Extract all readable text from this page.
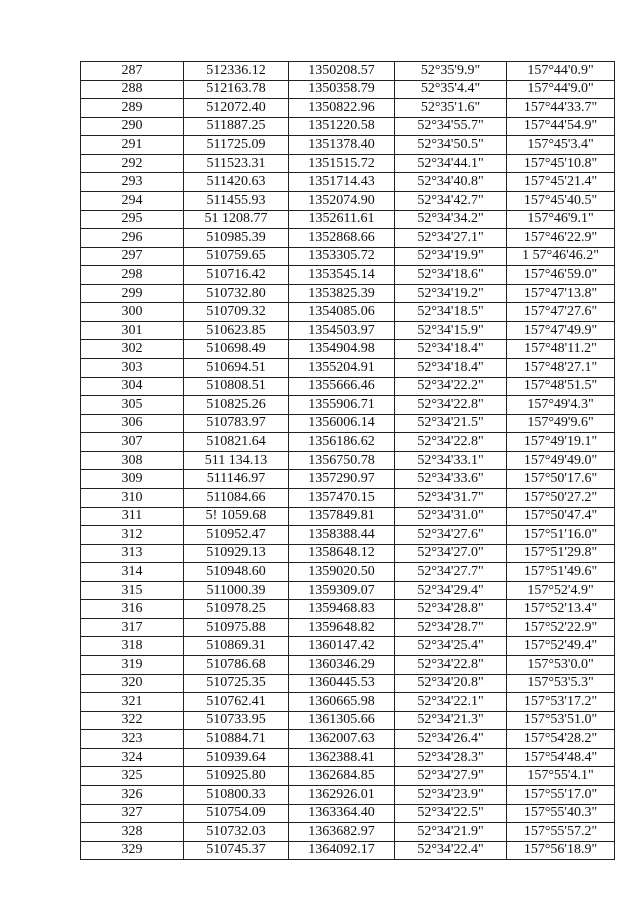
287	512336.12	1350208.57	52°35'9.9"	157°44'0.9"
288	512163.78	1350358.79	52°35'4.4"	157°44'9.0"
289	512072.40	1350822.96	52°35'1.6"	157°44'33.7"
290	511887.25	1351220.58	52°34'55.7"	157°44'54.9"
291	511725.09	1351378.40	52°34'50.5"	157°45'3.4"
292	511523.31	1351515.72	52°34'44.1"	157°45'10.8"
293	511420.63	1351714.43	52°34'40.8"	157°45'21.4"
294	511455.93	1352074.90	52°34'42.7"	157°45'40.5"
295	51 1208.77	1352611.61	52°34'34.2"	157°46'9.1"
296	510985.39	1352868.66	52°34'27.1"	157°46'22.9"
297	510759.65	1353305.72	52°34'19.9"	1 57°46'46.2"
298	510716.42	1353545.14	52°34'18.6"	157°46'59.0"
299	510732.80	1353825.39	52°34'19.2"	157°47'13.8"
300	510709.32	1354085.06	52°34'18.5"	157°47'27.6"
301	510623.85	1354503.97	52°34'15.9"	157°47'49.9"
302	510698.49	1354904.98	52°34'18.4"	157°48'11.2"
303	510694.51	1355204.91	52°34'18.4"	157°48'27.1"
304	510808.51	1355666.46	52°34'22.2"	157°48'51.5"
305	510825.26	1355906.71	52°34'22.8"	157°49'4.3"
306	510783.97	1356006.14	52°34'21.5"	157°49'9.6"
307	510821.64	1356186.62	52°34'22.8"	157°49'19.1"
308	511 134.13	1356750.78	52°34'33.1"	157°49'49.0"
309	511146.97	1357290.97	52°34'33.6"	157°50'17.6"
310	511084.66	1357470.15	52°34'31.7"	157°50'27.2"
311	5! 1059.68	1357849.81	52°34'31.0"	157°50'47.4"
312	510952.47	1358388.44	52°34'27.6"	157°51'16.0"
313	510929.13	1358648.12	52°34'27.0"	157°51'29.8"
314	510948.60	1359020.50	52°34'27.7"	157°51'49.6"
315	511000.39	1359309.07	52°34'29.4"	157°52'4.9"
316	510978.25	1359468.83	52°34'28.8"	157°52'13.4"
317	510975.88	1359648.82	52°34'28.7"	157°52'22.9"
318	510869.31	1360147.42	52°34'25.4"	157°52'49.4"
319	510786.68	1360346.29	52°34'22.8"	157°53'0.0"
320	510725.35	1360445.53	52°34'20.8"	157°53'5.3"
321	510762.41	1360665.98	52°34'22.1"	157°53'17.2"
322	510733.95	1361305.66	52°34'21.3"	157°53'51.0"
323	510884.71	1362007.63	52°34'26.4"	157°54'28.2"
324	510939.64	1362388.41	52°34'28.3"	157°54'48.4"
325	510925.80	1362684.85	52°34'27.9"	157°55'4.1"
326	510800.33	1362926.01	52°34'23.9"	157°55'17.0"
327	510754.09	1363364.40	52°34'22.5"	157°55'40.3"
328	510732.03	1363682.97	52°34'21.9"	157°55'57.2"
329	510745.37	1364092.17	52°34'22.4"	157°56'18.9"
